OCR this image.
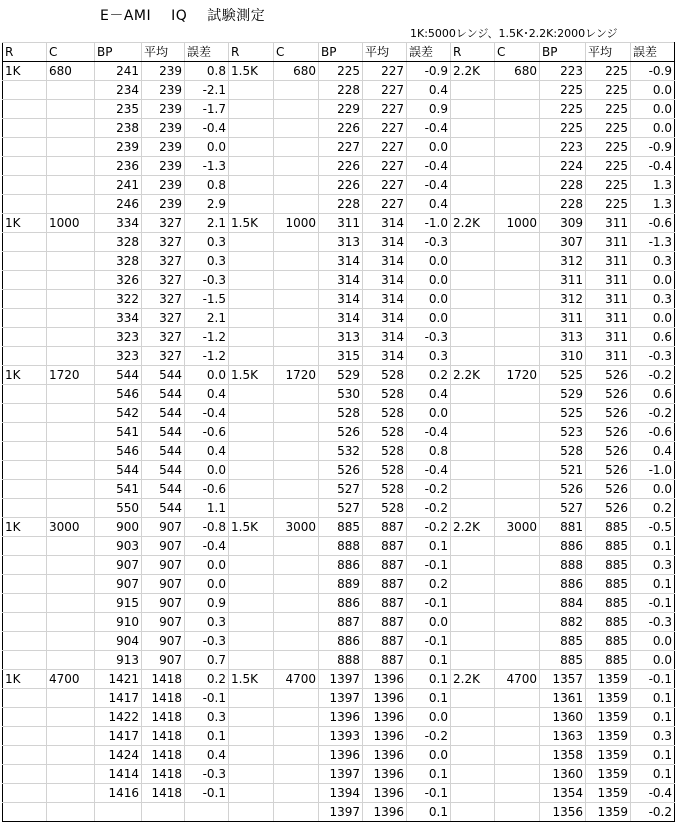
E－AMI IQ 試験測定
1K:5000レンジ、1.5K･2.2K:2000レンジ
R	C	BP	平均	誤差	R	C	BP	平均	誤差	R	C	BP	平均	誤差
1K	680	241	239	0.8	1.5K	680	225	227	-0.9	2.2K	680	223	225	-0.9
		234	239	-2.1			228	227	0.4			225	225	0.0
		235	239	-1.7			229	227	0.9			225	225	0.0
		238	239	-0.4			226	227	-0.4			225	225	0.0
		239	239	0.0			227	227	0.0			223	225	-0.9
		236	239	-1.3			226	227	-0.4			224	225	-0.4
		241	239	0.8			226	227	-0.4			228	225	1.3
		246	239	2.9			228	227	0.4			228	225	1.3
1K	1000	334	327	2.1	1.5K	1000	311	314	-1.0	2.2K	1000	309	311	-0.6
		328	327	0.3			313	314	-0.3			307	311	-1.3
		328	327	0.3			314	314	0.0			312	311	0.3
		326	327	-0.3			314	314	0.0			311	311	0.0
		322	327	-1.5			314	314	0.0			312	311	0.3
		334	327	2.1			314	314	0.0			311	311	0.0
		323	327	-1.2			313	314	-0.3			313	311	0.6
		323	327	-1.2			315	314	0.3			310	311	-0.3
1K	1720	544	544	0.0	1.5K	1720	529	528	0.2	2.2K	1720	525	526	-0.2
		546	544	0.4			530	528	0.4			529	526	0.6
		542	544	-0.4			528	528	0.0			525	526	-0.2
		541	544	-0.6			526	528	-0.4			523	526	-0.6
		546	544	0.4			532	528	0.8			528	526	0.4
		544	544	0.0			526	528	-0.4			521	526	-1.0
		541	544	-0.6			527	528	-0.2			526	526	0.0
		550	544	1.1			527	528	-0.2			527	526	0.2
1K	3000	900	907	-0.8	1.5K	3000	885	887	-0.2	2.2K	3000	881	885	-0.5
		903	907	-0.4			888	887	0.1			886	885	0.1
		907	907	0.0			886	887	-0.1			888	885	0.3
		907	907	0.0			889	887	0.2			886	885	0.1
		915	907	0.9			886	887	-0.1			884	885	-0.1
		910	907	0.3			887	887	0.0			882	885	-0.3
		904	907	-0.3			886	887	-0.1			885	885	0.0
		913	907	0.7			888	887	0.1			885	885	0.0
1K	4700	1421	1418	0.2	1.5K	4700	1397	1396	0.1	2.2K	4700	1357	1359	-0.1
		1417	1418	-0.1			1397	1396	0.1			1361	1359	0.1
		1422	1418	0.3			1396	1396	0.0			1360	1359	0.1
		1417	1418	0.1			1393	1396	-0.2			1363	1359	0.3
		1424	1418	0.4			1396	1396	0.0			1358	1359	0.1
		1414	1418	-0.3			1397	1396	0.1			1360	1359	0.1
		1416	1418	-0.1			1394	1396	-0.1			1354	1359	-0.4
							1397	1396	0.1			1356	1359	-0.2
